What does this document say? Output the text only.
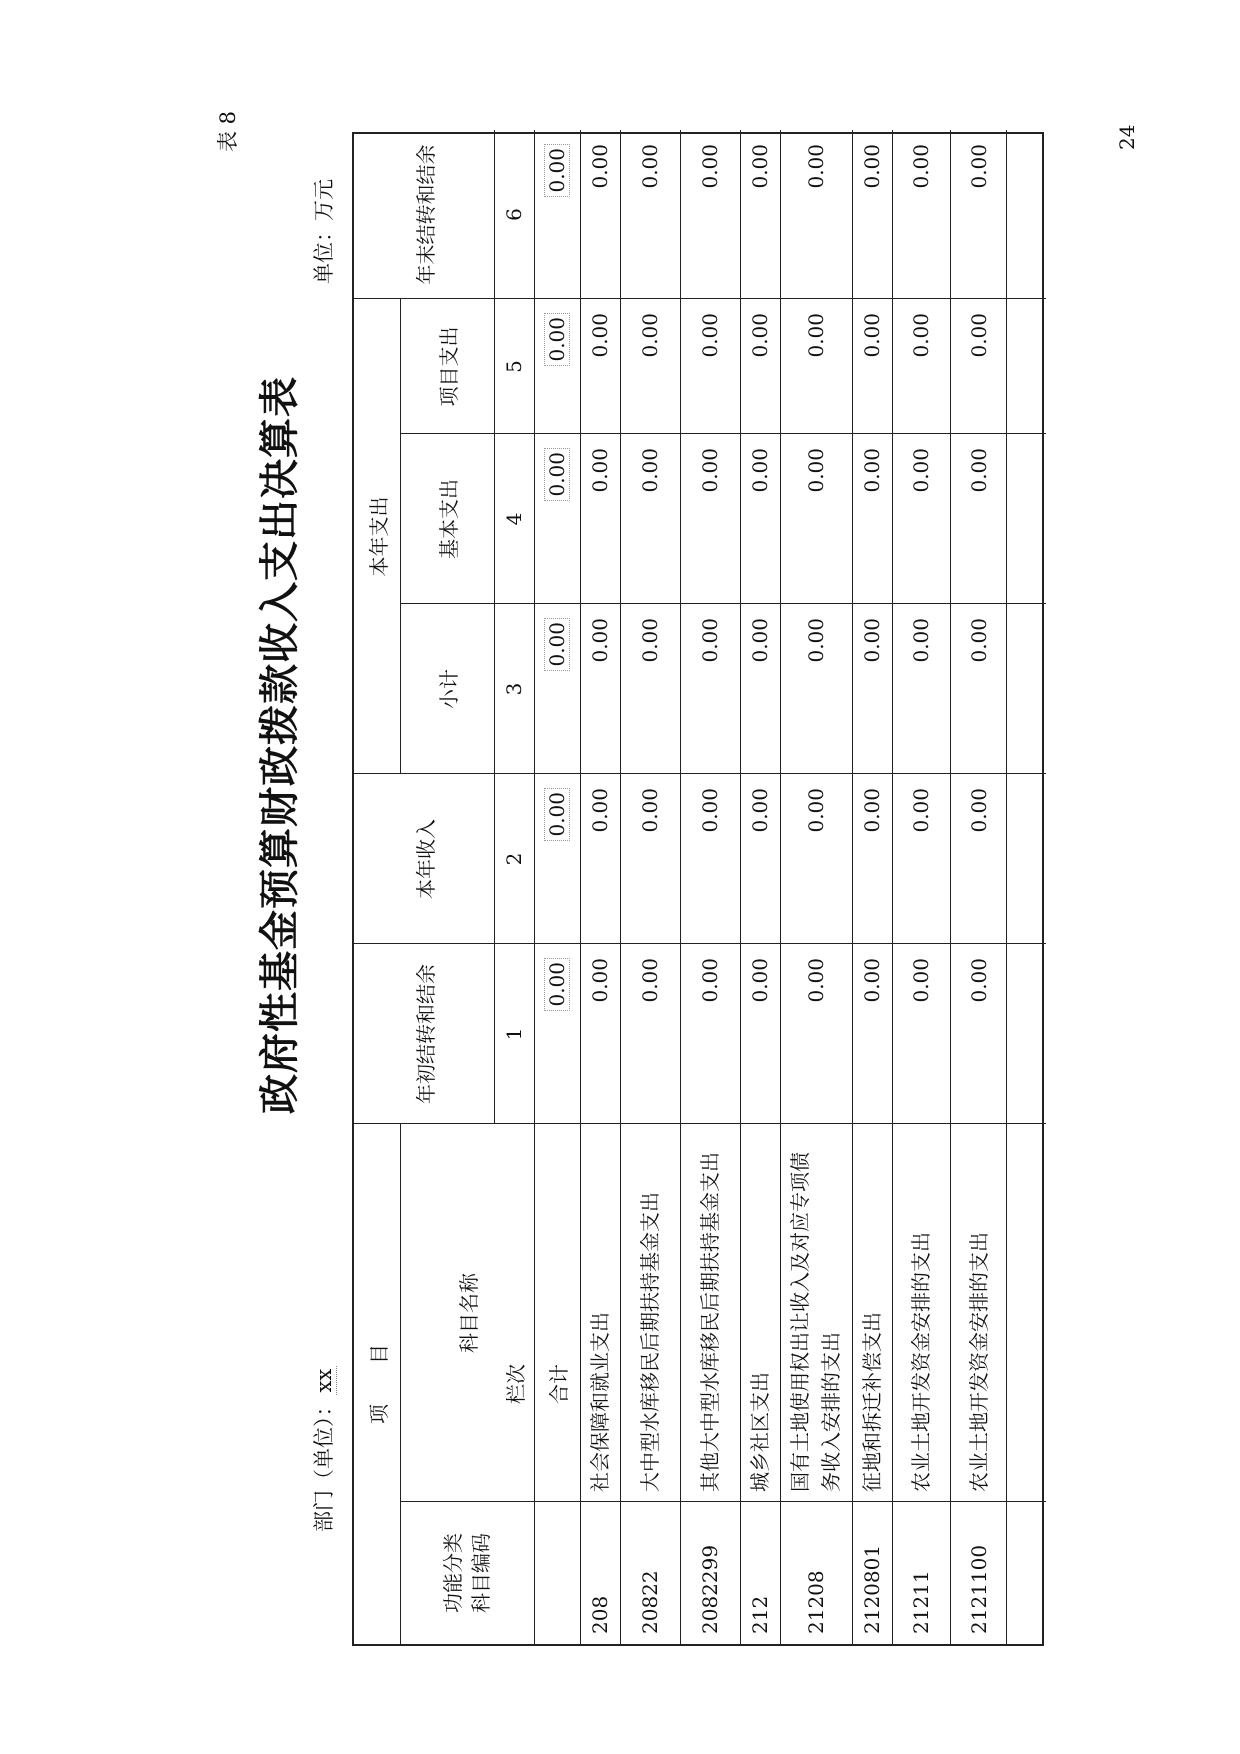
表 8
政府性基金预算财政拨款收入支出决算表
部门（单位）：xx
单位：万元
24
项　　目
功能分类 科目编码
科目名称
年初结转和结余
本年收入
本年支出
小计
基本支出
项目支出
年末结转和结余
栏次
1
2
3
4
5
6
合计
0.00
0.00
0.00
0.00
0.00
0.00
208
社会保障和就业支出
0.00
0.00
0.00
0.00
0.00
0.00
20822
大中型水库移民后期扶持基金支出
0.00
0.00
0.00
0.00
0.00
0.00
2082299
其他大中型水库移民后期扶持基金支出
0.00
0.00
0.00
0.00
0.00
0.00
212
城乡社区支出
0.00
0.00
0.00
0.00
0.00
0.00
21208
国有土地使用权出让收入及对应专项债务收入安排的支出
0.00
0.00
0.00
0.00
0.00
0.00
2120801
征地和拆迁补偿支出
0.00
0.00
0.00
0.00
0.00
0.00
21211
农业土地开发资金安排的支出
0.00
0.00
0.00
0.00
0.00
0.00
2121100
农业土地开发资金安排的支出
0.00
0.00
0.00
0.00
0.00
0.00
